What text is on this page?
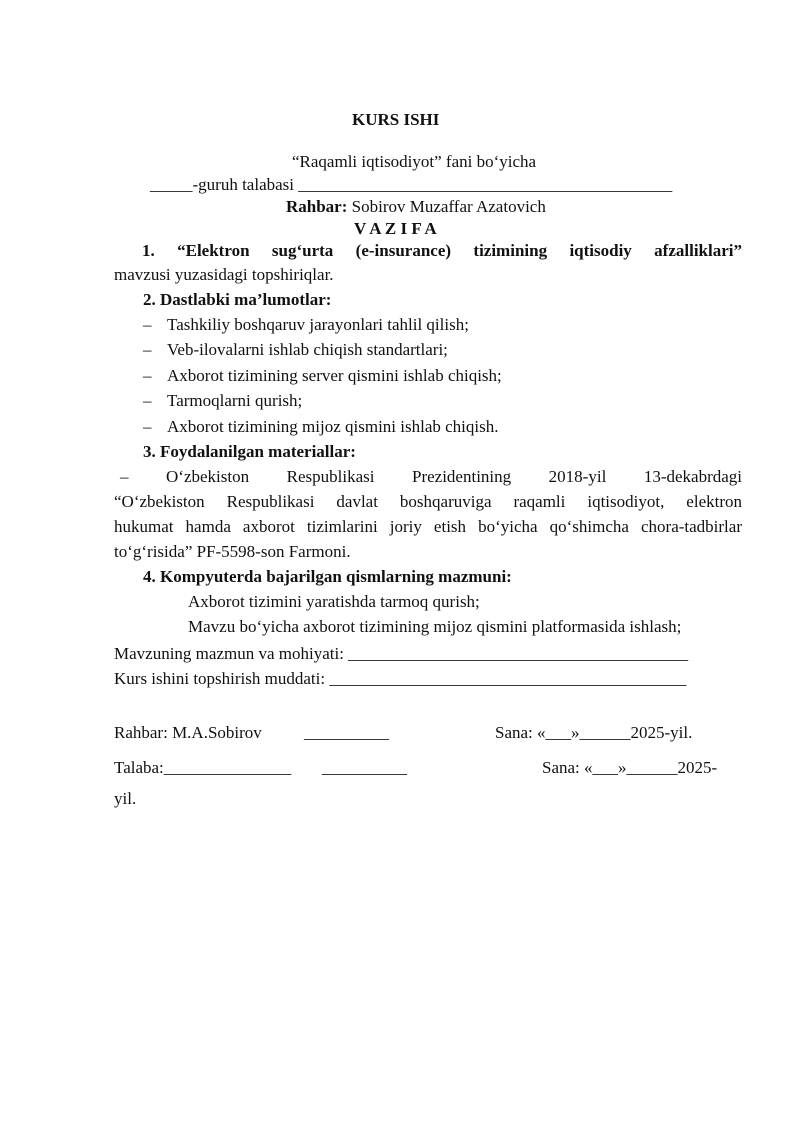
KURS ISHI
“Raqamli iqtisodiyot” fani bo‘yicha
_____-guruh talabasi ____________________________________________
Rahbar: Sobirov Muzaffar Azatovich
V A Z I F A
1. “Elektron sug‘urta (e-insurance) tizimining iqtisodiy afzalliklari”
mavzusi yuzasidagi topshiriqlar.
2. Dastlabki ma’lumotlar:
– Tashkiliy boshqaruv jarayonlari tahlil qilish;
– Veb-ilovalarni ishlab chiqish standartlari;
– Axborot tizimining server qismini ishlab chiqish;
– Tarmoqlarni qurish;
– Axborot tizimining mijoz qismini ishlab chiqish.
3. Foydalanilgan materiallar:
– O‘zbekiston Respublikasi Prezidentining 2018-yil 13-dekabrdagi
“O‘zbekiston Respublikasi davlat boshqaruviga raqamli iqtisodiyot, elektron
hukumat hamda axborot tizimlarini joriy etish bo‘yicha qo‘shimcha chora-tadbirlar
to‘g‘risida” PF-5598-son Farmoni.
4. Kompyuterda bajarilgan qismlarning mazmuni:
Axborot tizimini yaratishda tarmoq qurish;
Mavzu bo‘yicha axborot tizimining mijoz qismini platformasida ishlash;
Mavzuning mazmun va mohiyati: ________________________________________
Kurs ishini topshirish muddati: __________________________________________
Rahbar: M.A.Sobirov __________	Sana: «___»______2025-yil.
Talaba:_______________ __________	Sana: «___»______2025-
yil.
